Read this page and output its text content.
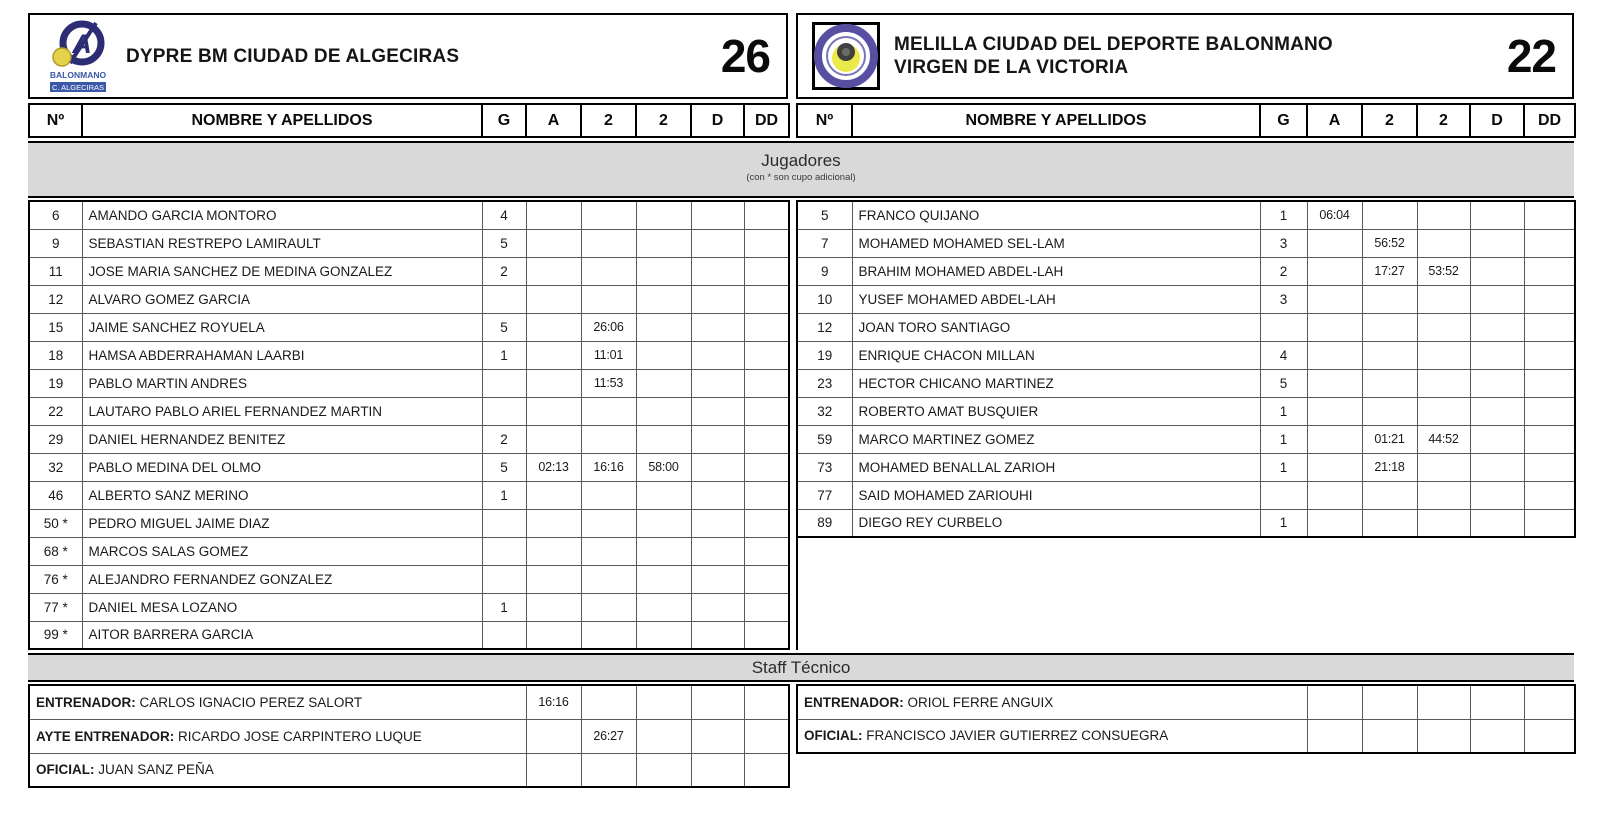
A
BALONMANO
C. ALGECIRAS
DYPRE BM CIUDAD DE ALGECIRAS	26	MELILLA CIUDAD DEL DEPORTE BALONMANO
VIRGEN DE LA VICTORIA	22
Nº	NOMBRE Y APELLIDOS	G	A	2	2	D	DD Nº	NOMBRE Y APELLIDOS	G	A	2	2	D	DD
Jugadores
(con * son cupo adicional)
6	AMANDO GARCIA MONTORO	4					
9	SEBASTIAN RESTREPO LAMIRAULT	5					
11	JOSE MARIA SANCHEZ DE MEDINA GONZALEZ	2					
12	ALVARO GOMEZ GARCIA						
15	JAIME SANCHEZ ROYUELA	5		26:06			
18	HAMSA ABDERRAHAMAN LAARBI	1		11:01			
19	PABLO MARTIN ANDRES			11:53			
22	LAUTARO PABLO ARIEL FERNANDEZ MARTIN						
29	DANIEL HERNANDEZ BENITEZ	2					
32	PABLO MEDINA DEL OLMO	5	02:13	16:16	58:00		
46	ALBERTO SANZ MERINO	1					
50 *	PEDRO MIGUEL JAIME DIAZ						
68 *	MARCOS SALAS GOMEZ						
76 *	ALEJANDRO FERNANDEZ GONZALEZ						
77 *	DANIEL MESA LOZANO	1					
99 *	AITOR BARRERA GARCIA						
5	FRANCO QUIJANO	1	06:04				
7	MOHAMED MOHAMED SEL-LAM	3		56:52			
9	BRAHIM MOHAMED ABDEL-LAH	2		17:27	53:52		
10	YUSEF MOHAMED ABDEL-LAH	3					
12	JOAN TORO SANTIAGO						
19	ENRIQUE CHACON MILLAN	4					
23	HECTOR CHICANO MARTINEZ	5					
32	ROBERTO AMAT BUSQUIER	1					
59	MARCO MARTINEZ GOMEZ	1		01:21	44:52		
73	MOHAMED BENALLAL ZARIOH	1		21:18			
77	SAID MOHAMED ZARIOUHI						
89	DIEGO REY CURBELO	1					
Staff Técnico
ENTRENADOR : CARLOS IGNACIO PEREZ SALORT	16:16				
AYTE ENTRENADOR : RICARDO JOSE CARPINTERO LUQUE		26:27			
OFICIAL : JUAN SANZ PEÑA					
ENTRENADOR : ORIOL FERRE ANGUIX					
OFICIAL : FRANCISCO JAVIER GUTIERREZ CONSUEGRA					
